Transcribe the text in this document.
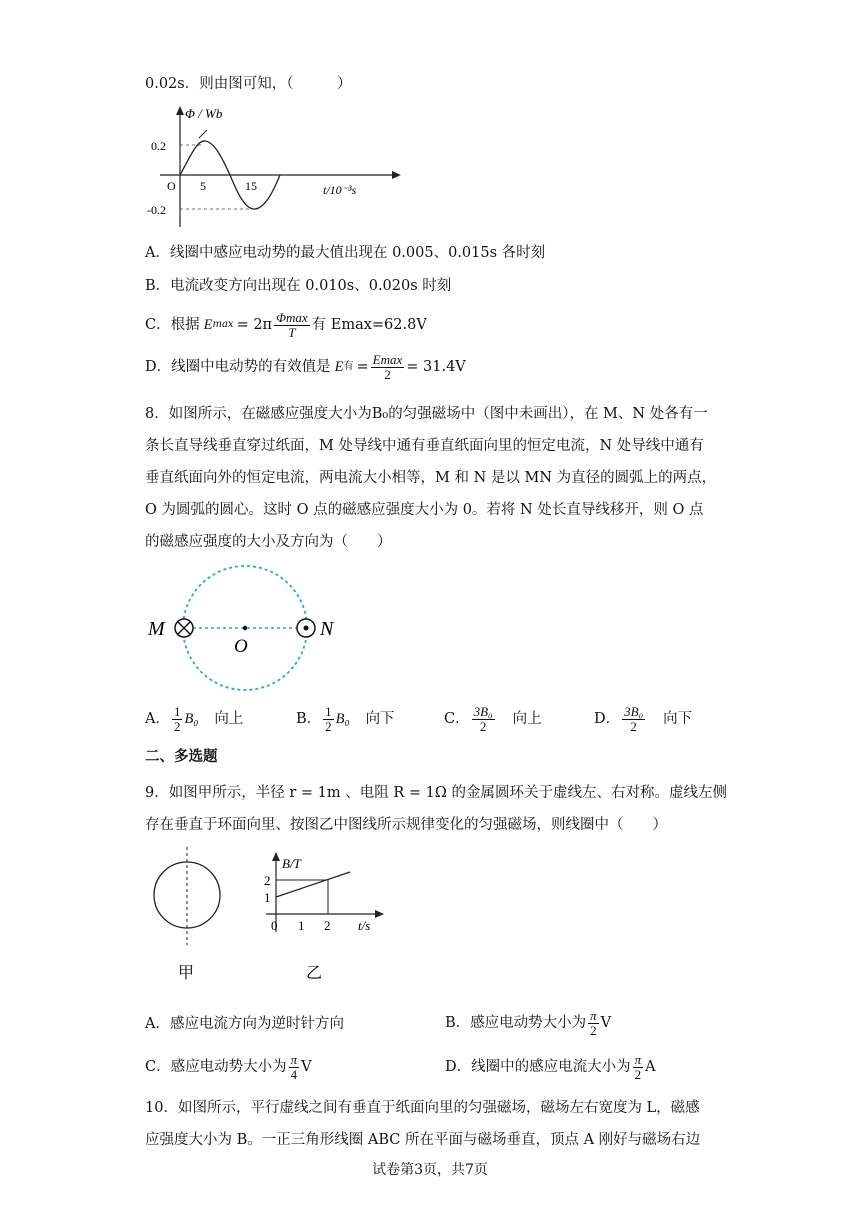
0.02s．则由图可知，（　　　）
Φ / Wb
0.2
-0.2
O 5	15	t/10⁻³s
A．线圈中感应电动势的最大值出现在 0.005、0.015s 各时刻
B．电流改变方向出现在 0.010s、0.020s 时刻
C．根据 E $\max = 2\pi \frac{\Phi\max}{T}$ 有 Emax=62.8V
D．线圈中电动势的有效值是 E 有 = $\frac{Emax}{2} = 31.4V$
8．如图所示，在磁感应强度大小为B₀的匀强磁场中（图中未画出），在 M、N 处各有一
条长直导线垂直穿过纸面，M 处导线中通有垂直纸面向里的恒定电流，N 处导线中通有
垂直纸面向外的恒定电流，两电流大小相等，M 和 N 是以 MN 为直径的圆弧上的两点，
O 为圆弧的圆心。这时 O 点的磁感应强度大小为 0。若将 N 处长直导线移开，则 O 点
的磁感应强度的大小及方向为（　　）
M	N
O
A． $\frac{1}{2} B_0$ 向上	B． $\frac{1}{2} B_0$ 向下	C． $\frac{\text{3B₀}}{2}$ 向上	D． $\frac{\text{3B₀}}{2}$ 向下
二、多选题
9．如图甲所示，半径 r = 1m 、电阻 R = 1Ω 的金属圆环关于虚线左、右对称。虚线左侧
存在垂直于环面向里、按图乙中图线所示规律变化的匀强磁场，则线圈中（　　）
甲
B/T
2
1
0 1 2 t/s
乙
A．感应电流方向为逆时针方向	B．感应电动势大小为 $\frac{\pi}{2}$ V
C．感应电动势大小为 $\frac{\pi}{4}$ V	D．线圈中的感应电流大小为 $\frac{\pi}{2}$ A
10．如图所示，平行虚线之间有垂直于纸面向里的匀强磁场，磁场左右宽度为 L，磁感
应强度大小为 B。一正三角形线圈 ABC 所在平面与磁场垂直，顶点 A 刚好与磁场右边
试卷第3页，共7页
